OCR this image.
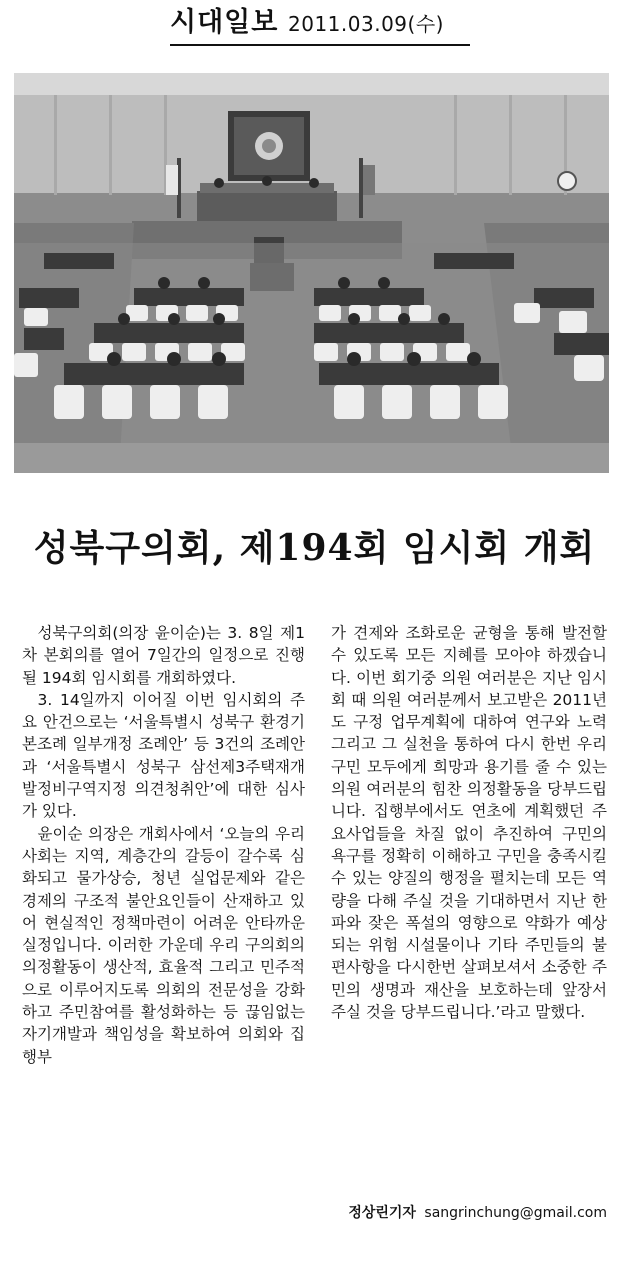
시대일보 2011.03.09(수)
성북구의회, 제194회 임시회 개회

성북구의회(의장 윤이순)는 3. 8일 제1차 본회의를 열어 7일간의 일정으로 진행될 194회 임시회를 개회하였다.

3. 14일까지 이어질 이번 임시회의 주요 안건으로는 ‘서울특별시 성북구 환경기본조례 일부개정 조례안’ 등 3건의 조례안과 ‘서울특별시 성북구 삼선제3주택재개발정비구역지정 의견청취안’에 대한 심사가 있다.

윤이순 의장은 개회사에서 ‘오늘의 우리사회는 지역, 계층간의 갈등이 갈수록 심화되고 물가상승, 청년 실업문제와 같은 경제의 구조적 불안요인들이 산재하고 있어 현실적인 정책마련이 어려운 안타까운 실정입니다. 이러한 가운데 우리 구의회의 의정활동이 생산적, 효율적 그리고 민주적으로 이루어지도록 의회의 전문성을 강화하고 주민참여를 활성화하는 등 끊임없는 자기개발과 책임성을 확보하여 의회와 집행부

가 견제와 조화로운 균형을 통해 발전할 수 있도록 모든 지혜를 모아야 하겠습니다. 이번 회기중 의원 여러분은 지난 임시회 때 의원 여러분께서 보고받은 2011년도 구정 업무계획에 대하여 연구와 노력 그리고 그 실천을 통하여 다시 한번 우리구민 모두에게 희망과 용기를 줄 수 있는 의원 여러분의 힘찬 의정활동을 당부드립니다. 집행부에서도 연초에 계획했던 주요사업들을 차질 없이 추진하여 구민의 욕구를 정확히 이해하고 구민을 충족시킬 수 있는 양질의 행정을 펼치는데 모든 역량을 다해 주실 것을 기대하면서 지난 한파와 잦은 폭설의 영향으로 약화가 예상되는 위험 시설물이나 기타 주민들의 불편사항을 다시한번 살펴보셔서 소중한 주민의 생명과 재산을 보호하는데 앞장서 주실 것을 당부드립니다.’라고 말했다.

정상린기자 sangrinchung@gmail.com
